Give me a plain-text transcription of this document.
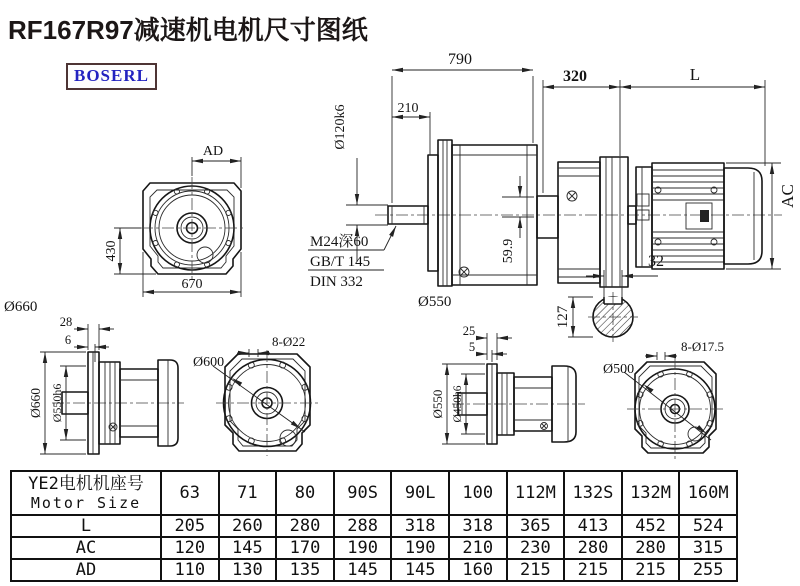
RF167R97减速机电机尺寸图纸
BOSERL
AD
430
670
Ø660
790
210
Ø120k6
M24深60
GB/T 145
DIN 332
59.9
320	L
AC
32
127
Ø550
28
6
Ø660 Ø550h6
Ø600
8-Ø22
25
5
Ø550 Ø450h6
Ø500
8-Ø17.5
YE2电机机座号
Motor Size	63	71	80	90S	90L	100	112M	132S	132M	160M
L	205	260	280	288	318	318	365	413	452	524
AC	120	145	170	190	190	210	230	280	280	315
AD	110	130	135	145	145	160	215	215	215	255
